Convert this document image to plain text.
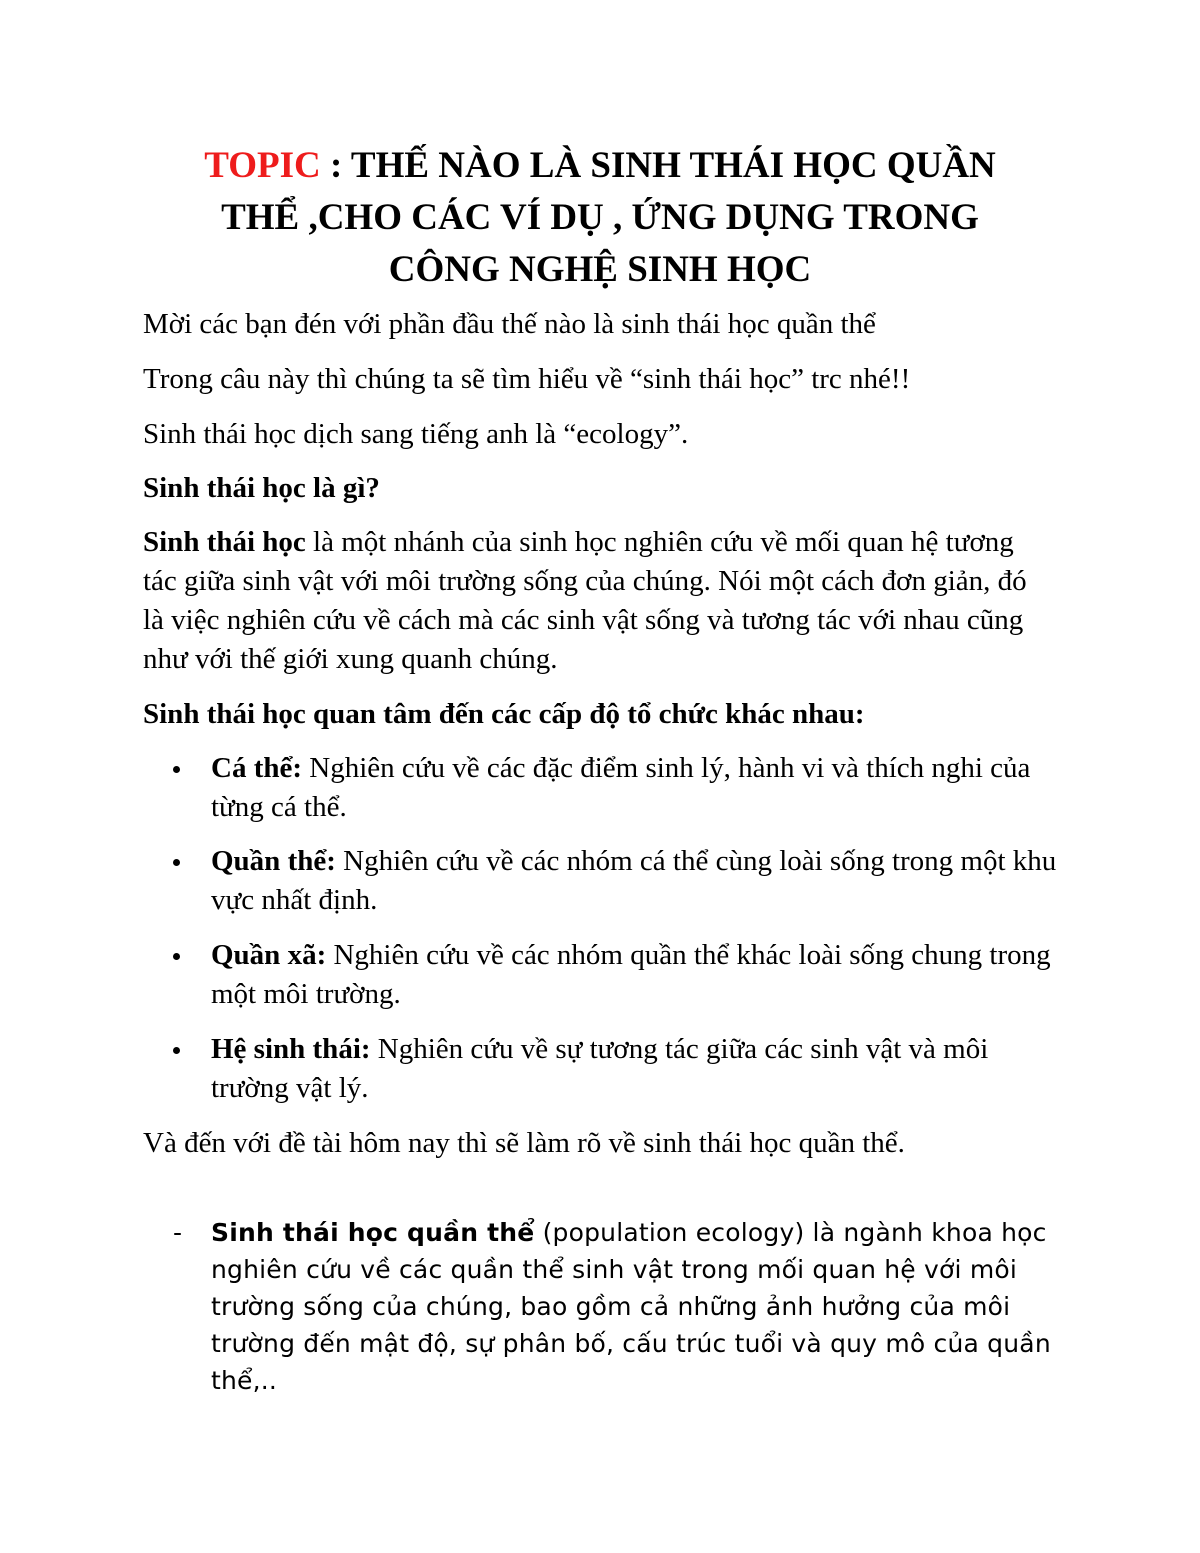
TOPIC : THẾ NÀO LÀ SINH THÁI HỌC QUẦN
THỂ ,CHO CÁC VÍ DỤ , ỨNG DỤNG TRONG
CÔNG NGHỆ SINH HỌC

Mời các bạn đén với phần đầu thế nào là sinh thái học quần thể

Trong câu này thì chúng ta sẽ tìm hiểu về “sinh thái học” trc nhé!!

Sinh thái học dịch sang tiếng anh là “ecology”.

Sinh thái học là gì?

Sinh thái học là một nhánh của sinh học nghiên cứu về mối quan hệ tương tác giữa sinh vật với môi trường sống của chúng. Nói một cách đơn giản, đó là việc nghiên cứu về cách mà các sinh vật sống và tương tác với nhau cũng như với thế giới xung quanh chúng.

Sinh thái học quan tâm đến các cấp độ tổ chức khác nhau:

Cá thể: Nghiên cứu về các đặc điểm sinh lý, hành vi và thích nghi của từng cá thể.
Quần thể: Nghiên cứu về các nhóm cá thể cùng loài sống trong một khu vực nhất định.
Quần xã: Nghiên cứu về các nhóm quần thể khác loài sống chung trong một môi trường.
Hệ sinh thái: Nghiên cứu về sự tương tác giữa các sinh vật và môi trường vật lý.

Và đến với đề tài hôm nay thì sẽ làm rõ về sinh thái học quần thể.

- Sinh thái học quần thể (population ecology) là ngành khoa học nghiên cứu về các quần thể sinh vật trong mối quan hệ với môi trường sống của chúng, bao gồm cả những ảnh hưởng của môi trường đến mật độ, sự phân bố, cấu trúc tuổi và quy mô của quần thể,..
